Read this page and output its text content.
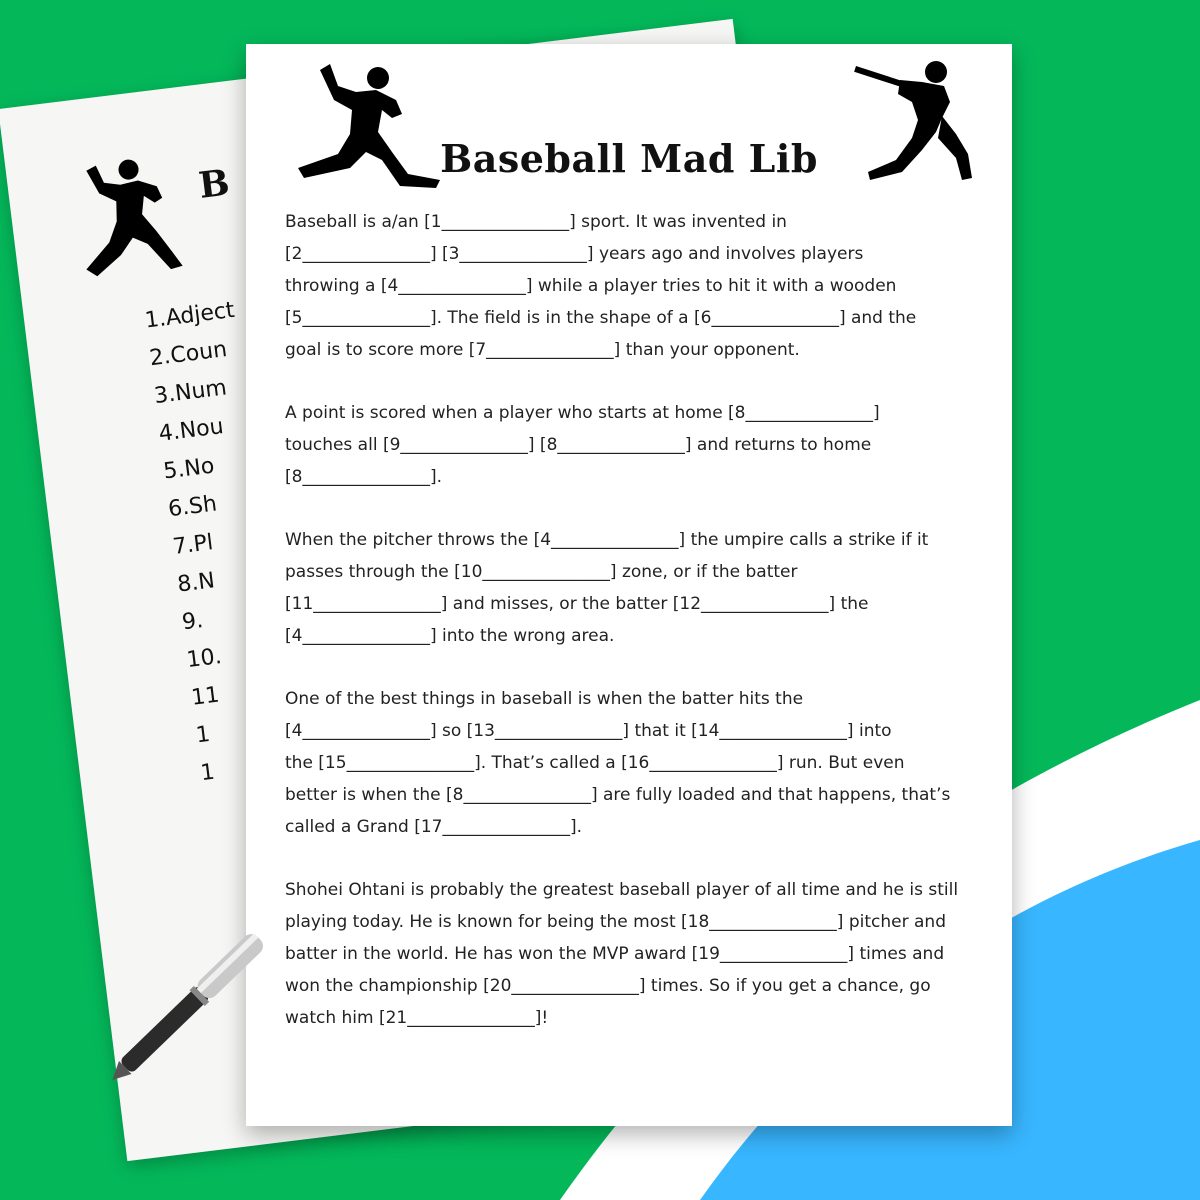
B
1.Adject
2.Coun
3.Num
4.Nou
5.No
6.Sh
7.Pl
8.N
9.
10.
11
1
1
Baseball Mad Lib

Baseball is a/an [1_______________] sport. It was invented in
[2_______________] [3_______________] years ago and involves players
throwing a [4_______________] while a player tries to hit it with a wooden
[5_______________]. The field is in the shape of a [6_______________] and the
goal is to score more [7_______________] than your opponent.

A point is scored when a player who starts at home [8_______________]
touches all [9_______________] [8_______________] and returns to home
[8_______________].

When the pitcher throws the [4_______________] the umpire calls a strike if it
passes through the [10_______________] zone, or if the batter
[11_______________] and misses, or the batter [12_______________] the
[4_______________] into the wrong area.

One of the best things in baseball is when the batter hits the
[4_______________] so [13_______________] that it [14_______________] into
the [15_______________]. That’s called a [16_______________] run. But even
better is when the [8_______________] are fully loaded and that happens, that’s
called a Grand [17_______________].

Shohei Ohtani is probably the greatest baseball player of all time and he is still
playing today. He is known for being the most [18_______________] pitcher and
batter in the world. He has won the MVP award [19_______________] times and
won the championship [20_______________] times. So if you get a chance, go
watch him [21_______________]!
